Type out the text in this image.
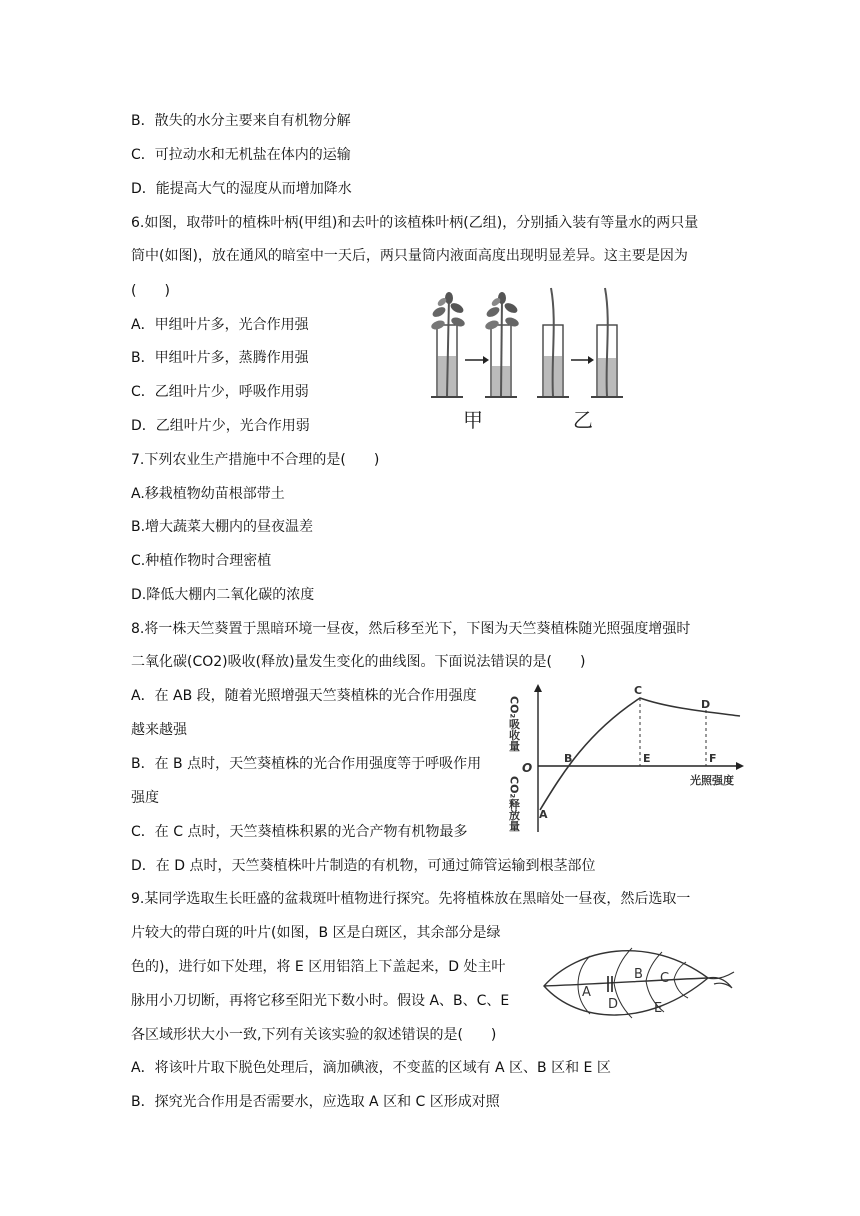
B．散失的水分主要来自有机物分解
C．可拉动水和无机盐在体内的运输
D．能提高大气的湿度从而增加降水
6.如图，取带叶的植株叶柄(甲组)和去叶的该植株叶柄(乙组)，分别插入装有等量水的两只量
筒中(如图)，放在通风的暗室中一天后，两只量筒内液面高度出现明显差异。这主要是因为
(　　)
A．甲组叶片多，光合作用强
B．甲组叶片多，蒸腾作用强
C．乙组叶片少，呼吸作用弱
D．乙组叶片少，光合作用弱
7.下列农业生产措施中不合理的是(　　)
A.移栽植物幼苗根部带土
B.增大蔬菜大棚内的昼夜温差
C.种植作物时合理密植
D.降低大棚内二氧化碳的浓度
8.将一株天竺葵置于黑暗环境一昼夜，然后移至光下，下图为天竺葵植株随光照强度增强时
二氧化碳(CO2)吸收(释放)量发生变化的曲线图。下面说法错误的是(　　)
A．在 AB 段，随着光照增强天竺葵植株的光合作用强度
越来越强
B．在 B 点时，天竺葵植株的光合作用强度等于呼吸作用
强度
C．在 C 点时，天竺葵植株积累的光合产物有机物最多
D．在 D 点时，天竺葵植株叶片制造的有机物，可通过筛管运输到根茎部位
9.某同学选取生长旺盛的盆栽斑叶植物进行探究。先将植株放在黑暗处一昼夜，然后选取一
片较大的带白斑的叶片(如图，B 区是白斑区，其余部分是绿
色的)，进行如下处理，将 E 区用铝箔上下盖起来，D 处主叶
脉用小刀切断，再将它移至阳光下数小时。假设 A、B、C、E
各区域形状大小一致,下列有关该实验的叙述错误的是(　　)
A．将该叶片取下脱色处理后，滴加碘液，不变蓝的区域有 A 区、B 区和 E 区
B．探究光合作用是否需要水，应选取 A 区和 C 区形成对照
甲	乙
CO₂吸收量
O
CO₂释放量	光照强度
A
B
C
D
E	F
A
B C
D	E
